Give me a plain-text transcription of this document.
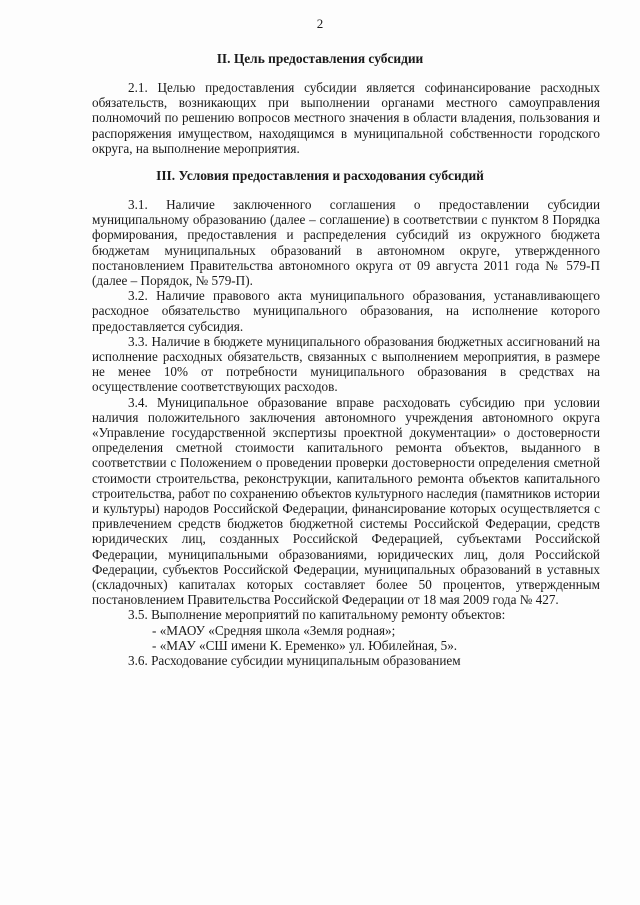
2
II. Цель предоставления субсидии

2.1. Целью предоставления субсидии является софинансирование расходных обязательств, возникающих при выполнении органами местного самоуправления полномочий по решению вопросов местного значения в области владения, пользования и распоряжения имуществом, находящимся в муниципальной собственности городского округа, на выполнение мероприятия.

III. Условия предоставления и расходования субсидий

3.1. Наличие заключенного соглашения о предоставлении субсидии муниципальному образованию (далее – соглашение) в соответствии с пунктом 8 Порядка формирования, предоставления и распределения субсидий из окружного бюджета бюджетам муниципальных образований в автономном округе, утвержденного постановлением Правительства автономного округа от 09 августа 2011 года № 579-П (далее – Порядок, № 579-П).

3.2. Наличие правового акта муниципального образования, устанавливающего расходное обязательство муниципального образования, на исполнение которого предоставляется субсидия.

3.3. Наличие в бюджете муниципального образования бюджетных ассигнований на исполнение расходных обязательств, связанных с выполнением мероприятия, в размере не менее 10% от потребности муниципального образования в средствах на осуществление соответствующих расходов.

3.4. Муниципальное образование вправе расходовать субсидию при условии наличия положительного заключения автономного учреждения автономного округа «Управление государственной экспертизы проектной документации» о достоверности определения сметной стоимости капитального ремонта объектов, выданного в соответствии с Положением о проведении проверки достоверности определения сметной стоимости строительства, реконструкции, капитального ремонта объектов капитального строительства, работ по сохранению объектов культурного наследия (памятников истории и культуры) народов Российской Федерации, финансирование которых осуществляется с привлечением средств бюджетов бюджетной системы Российской Федерации, средств юридических лиц, созданных Российской Федерацией, субъектами Российской Федерации, муниципальными образованиями, юридических лиц, доля Российской Федерации, субъектов Российской Федерации, муниципальных образований в уставных (складочных) капиталах которых составляет более 50 процентов, утвержденным постановлением Правительства Российской Федерации от 18 мая 2009 года № 427.

3.5. Выполнение мероприятий по капитальному ремонту объектов:

- «МАОУ «Средняя школа «Земля родная»;

- «МАУ «СШ имени К. Еременко» ул. Юбилейная, 5».

3.6. Расходование субсидии муниципальным образованием
